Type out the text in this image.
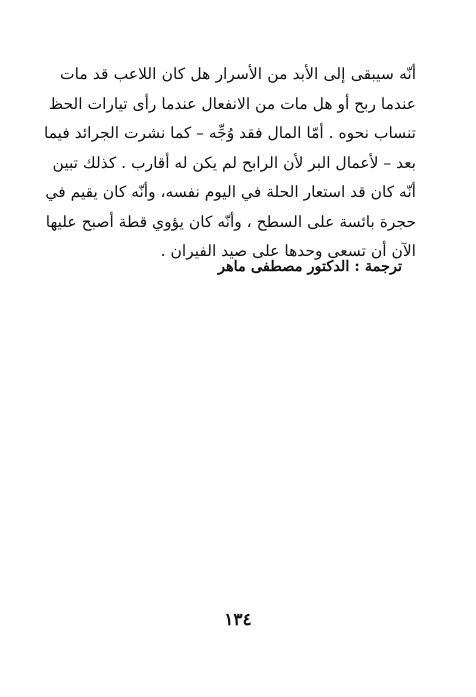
أنّه سيبقى إلى الأبد من الأسرار هل كان اللاعب قد مات
عندما ربح أو هل مات من الانفعال عندما رأى تيارات الحظ
تنساب نحوه . أمّا المال فقد وُجِّه – كما نشرت الجرائد فيما
بعد – لأعمال البر لأن الرابح لم يكن له أقارب . كذلك تبين
أنّه كان قد استعار الحلة في اليوم نفسه، وأنّه كان يقيم في
حجرة بائسة على السطح ، وأنّه كان يؤوي قطة أصبح عليها
الآن أن تسعى وحدها على صيد الفيران .
ترجمة : الدكتور مصطفى ماهر
١٣٤
